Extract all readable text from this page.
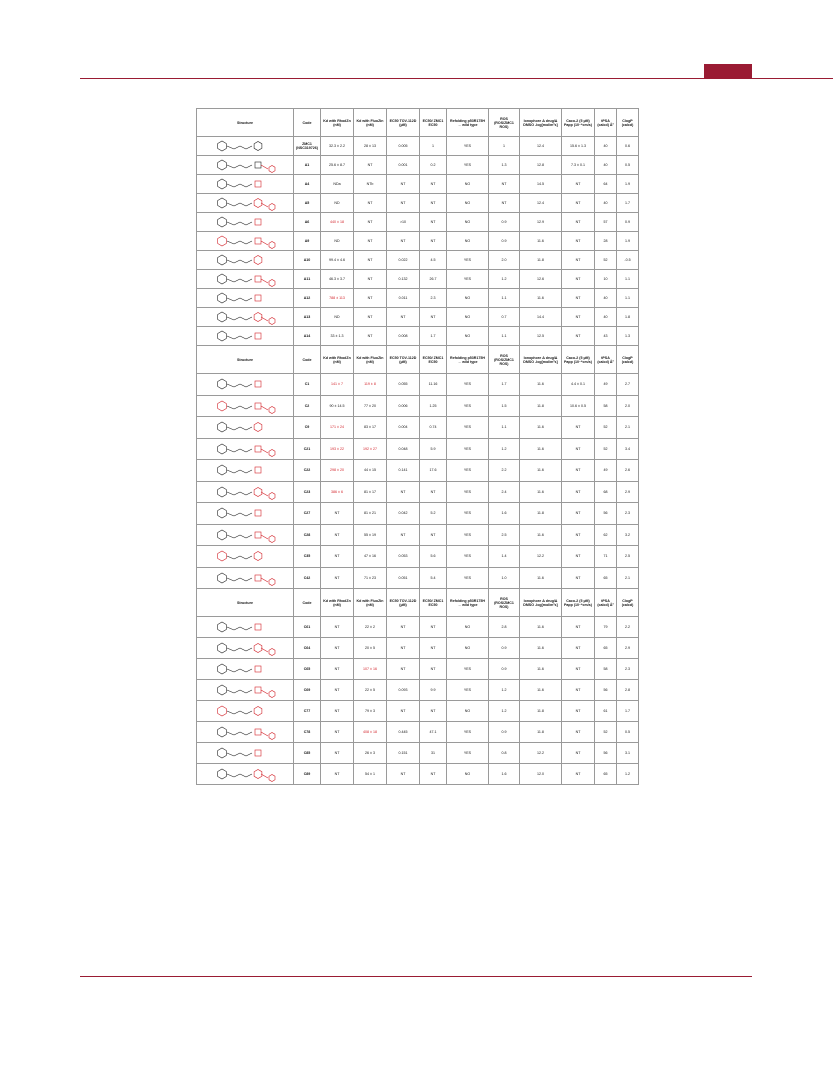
Structure	Code	Kd with RhodZn (nM)	Kd with FluoZin (nM)	EC50 TOV-112D (µM)	EC50/ ZMC1 EC50	Refolding p53R175H → wild type	ROS (ROS/ZMC1 ROS)	Ionophore Δ drug/Δ DMSO -log[mol/m²s]	Caco-2 (5 µM) Papp (10⁻⁶cm/s)	tPSA (calcd) Å²	ClogP (calcd)

	ZMC1 (NSC319726)	32.3 ± 2.2	28 ± 13	0.005	1	YES	1	12.4	15.6 ± 1.3	40	0.6

	A1	25.6 ± 8.7	NT	0.001	0.2	YES	1.3	12.8	7.3 ± 0.1	40	0.5

	A4	NDa	NTb	NT	NT	NO	NT	14.5	NT	64	1.9

	A5	ND	NT	NT	NT	NO	NT	12.4	NT	40	1.7

	A6	440 ± 18	NT	>10	NT	NO	0.9	12.9	NT	57	0.9

	A9	ND	NT	NT	NT	NO	0.9	11.6	NT	28	1.9

	A10	99.4 ± 4.6	NT	0.022	4.5	YES	2.0	11.8	NT	52	-0.5

	A11	46.3 ± 3.7	NT	0.132	26.7	YES	1.2	12.6	NT	10	1.1

	A12	788 ± 113	NT	0.011	2.3	NO	1.1	11.6	NT	40	1.1

	A13	ND	NT	NT	NT	NO	0.7	14.4	NT	40	1.8

	A14	33 ± 1.3	NT	0.008	1.7	NO	1.1	12.5	NT	43	1.3
Structure	Code	Kd with RhodZn (nM)	Kd with FluoZin (nM)	EC50 TOV-112D (µM)	EC50/ ZMC1 EC50	Refolding p53R175H → wild type	ROS (ROS/ZMC1 ROS)	Ionophore Δ drug/Δ DMSO -log[mol/m²s]	Caco-2 (5 µM) Papp (10⁻⁶cm/s)	tPSA (calcd) Å²	ClogP (calcd)

	C1	141 ± 7	119 ± 8	0.055	11.16	YES	1.7	11.6	4.4 ± 0.1	49	2.7

	C2	90 ± 14.5	77 ± 20	0.006	1.25	YES	1.5	11.8	10.6 ± 0.5	58	2.0

	C9	171 ± 24	83 ± 17	0.004	0.74	YES	1.1	11.6	NT	52	2.1

	C21	193 ± 22	192 ± 27	0.048	5.9	YES	1.2	11.6	NT	52	3.4

	C22	298 ± 20	44 ± 15	0.141	17.6	YES	2.2	11.6	NT	49	2.6

	C23	386 ± 6	81 ± 17	NT	NT	YES	2.4	11.6	NT	68	2.9

	C27	NT	81 ± 21	0.042	5.2	YES	1.6	11.8	NT	56	2.3

	C28	NT	55 ± 19	NT	NT	YES	2.5	11.6	NT	62	3.2

	C35	NT	47 ± 16	0.053	5.6	YES	1.4	12.2	NT	71	2.5

	C42	NT	71 ± 23	0.051	5.4	YES	1.0	11.6	NT	65	2.1
Structure	Code	Kd with RhodZn (nM)	Kd with FluoZin (nM)	EC50 TOV-112D (µM)	EC50/ ZMC1 EC50	Refolding p53R175H → wild type	ROS (ROS/ZMC1 ROS)	Ionophore Δ drug/Δ DMSO -log[mol/m²s]	Caco-2 (5 µM) Papp (10⁻⁶cm/s)	tPSA (calcd) Å²	ClogP (calcd)

	C61	NT	22 ± 2	NT	NT	NO	2.8	11.6	NT	79	2.2

	C64	NT	20 ± 5	NT	NT	NO	0.9	11.6	NT	65	2.9

	C65	NT	107 ± 16	NT	NT	YES	0.9	11.6	NT	58	2.3

	C69	NT	22 ± 5	0.093	9.9	YES	1.2	11.6	NT	56	2.8

	C77	NT	79 ± 3	NT	NT	NO	1.2	11.8	NT	61	1.7

	C78	NT	408 ± 18	0.445	47.1	YES	0.9	11.8	NT	52	0.5

	C85	NT	26 ± 3	0.151	31	YES	0.8	12.2	NT	56	3.1

	C89	NT	54 ± 1	NT	NT	NO	1.6	12.0	NT	65	1.2
